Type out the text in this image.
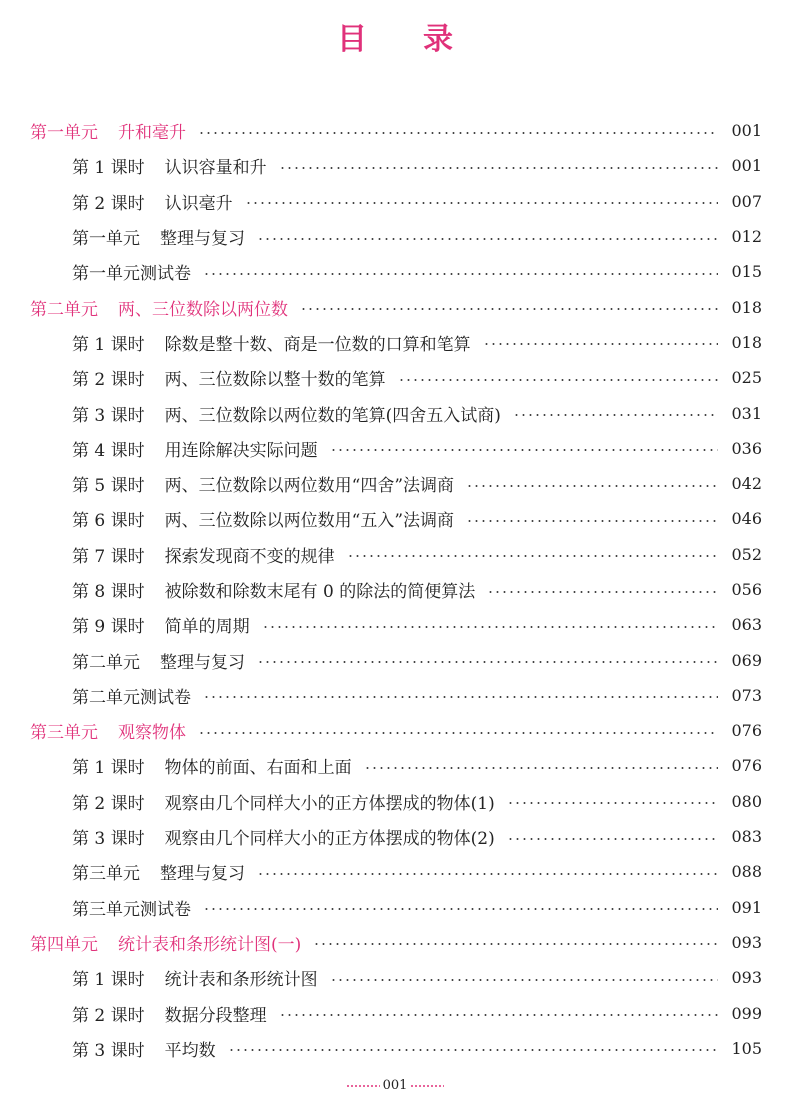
目 录
第一单元 升和毫升	001
第 1 课时 认识容量和升	001
第 2 课时 认识毫升	007
第一单元 整理与复习	012
第一单元测试卷	015
第二单元 两、三位数除以两位数	018
第 1 课时 除数是整十数、商是一位数的口算和笔算	018
第 2 课时 两、三位数除以整十数的笔算	025
第 3 课时 两、三位数除以两位数的笔算(四舍五入试商)	031
第 4 课时 用连除解决实际问题	036
第 5 课时 两、三位数除以两位数用“四舍”法调商	042
第 6 课时 两、三位数除以两位数用“五入”法调商	046
第 7 课时 探索发现商不变的规律	052
第 8 课时 被除数和除数末尾有 0 的除法的简便算法	056
第 9 课时 简单的周期	063
第二单元 整理与复习	069
第二单元测试卷	073
第三单元 观察物体	076
第 1 课时 物体的前面、右面和上面	076
第 2 课时 观察由几个同样大小的正方体摆成的物体(1)	080
第 3 课时 观察由几个同样大小的正方体摆成的物体(2)	083
第三单元 整理与复习	088
第三单元测试卷	091
第四单元 统计表和条形统计图(一)	093
第 1 课时 统计表和条形统计图	093
第 2 课时 数据分段整理	099
第 3 课时 平均数	105
001
